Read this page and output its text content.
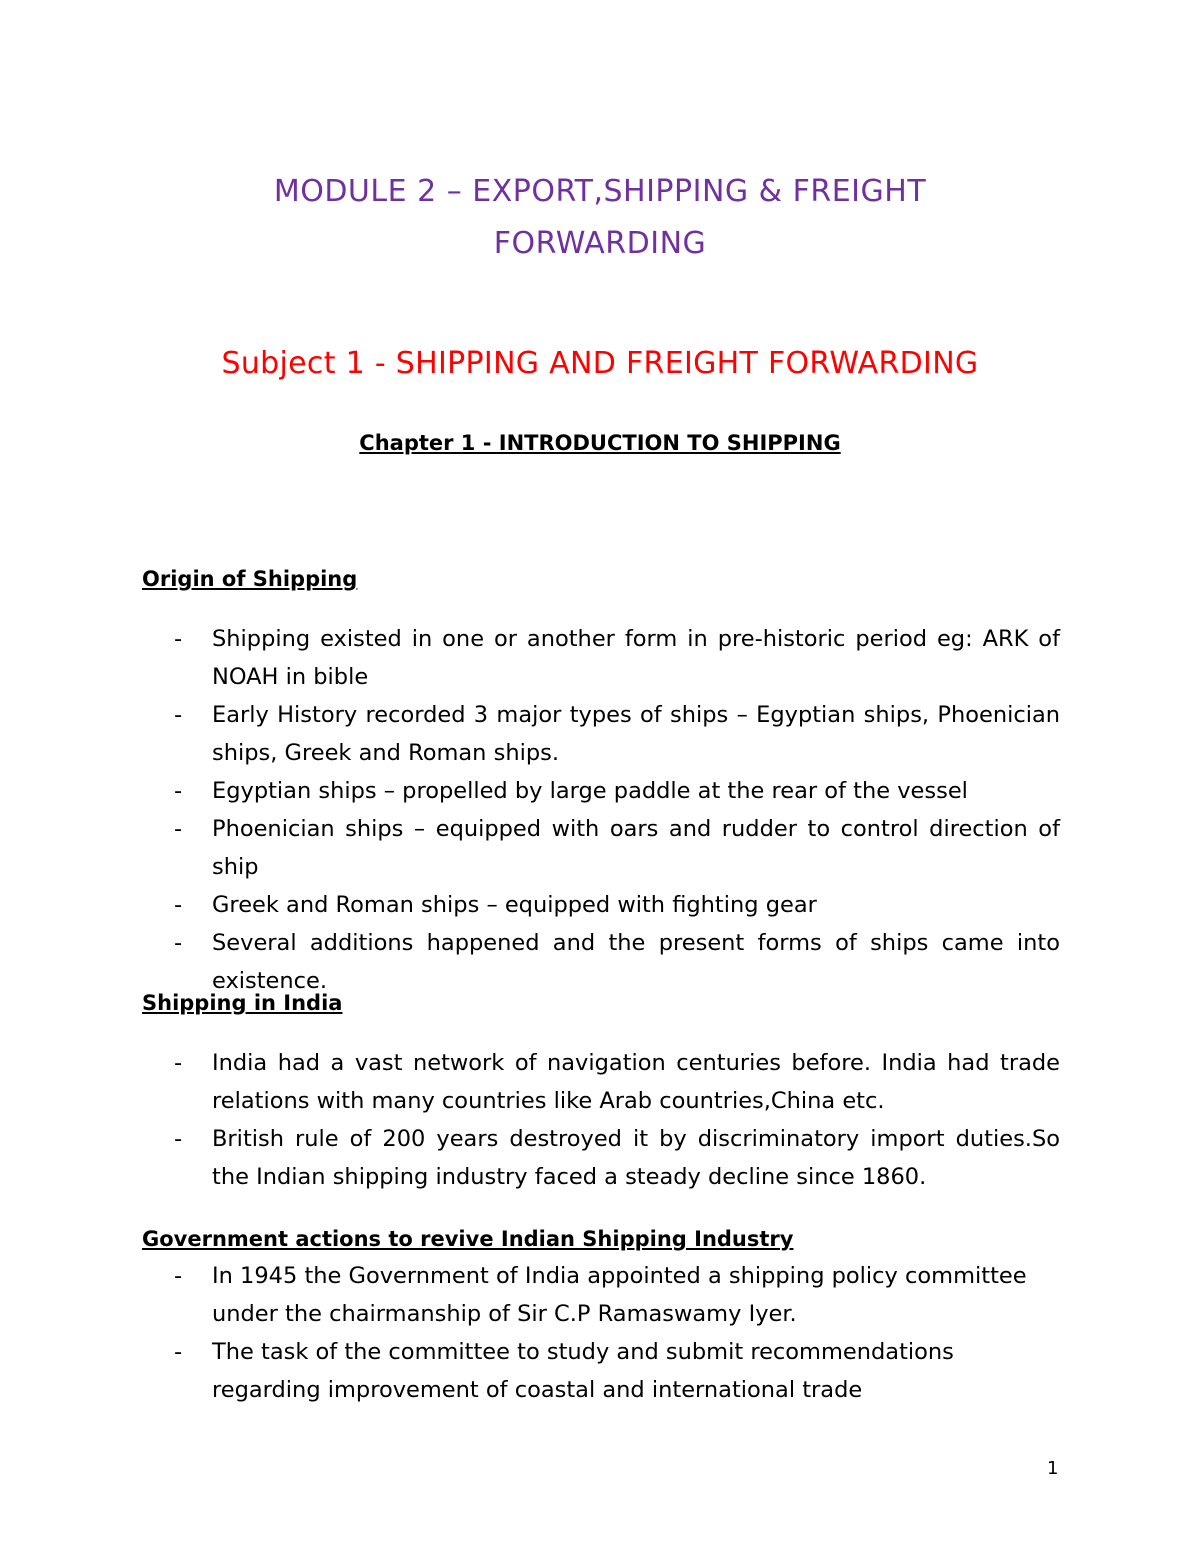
MODULE 2 – EXPORT,SHIPPING & FREIGHT FORWARDING
Subject 1 - SHIPPING AND FREIGHT FORWARDING
Chapter 1 - INTRODUCTION TO SHIPPING
Origin of Shipping
- Shipping existed in one or another form in pre-historic period eg: ARK of NOAH in bible
- Early History recorded 3 major types of ships – Egyptian ships, Phoenician ships, Greek and Roman ships.
- Egyptian ships – propelled by large paddle at the rear of the vessel
- Phoenician ships – equipped with oars and rudder to control direction of ship
- Greek and Roman ships – equipped with fighting gear
- Several additions happened and the present forms of ships came into existence.
Shipping in India
- India had a vast network of navigation centuries before. India had trade relations with many countries like Arab countries,China etc.
- British rule of 200 years destroyed it by discriminatory import duties.So the Indian shipping industry faced a steady decline since 1860.
Government actions to revive Indian Shipping Industry
- In 1945 the Government of India appointed a shipping policy committee under the chairmanship of Sir C.P Ramaswamy Iyer.
- The task of the committee to study and submit recommendations regarding improvement of coastal and international trade
1
